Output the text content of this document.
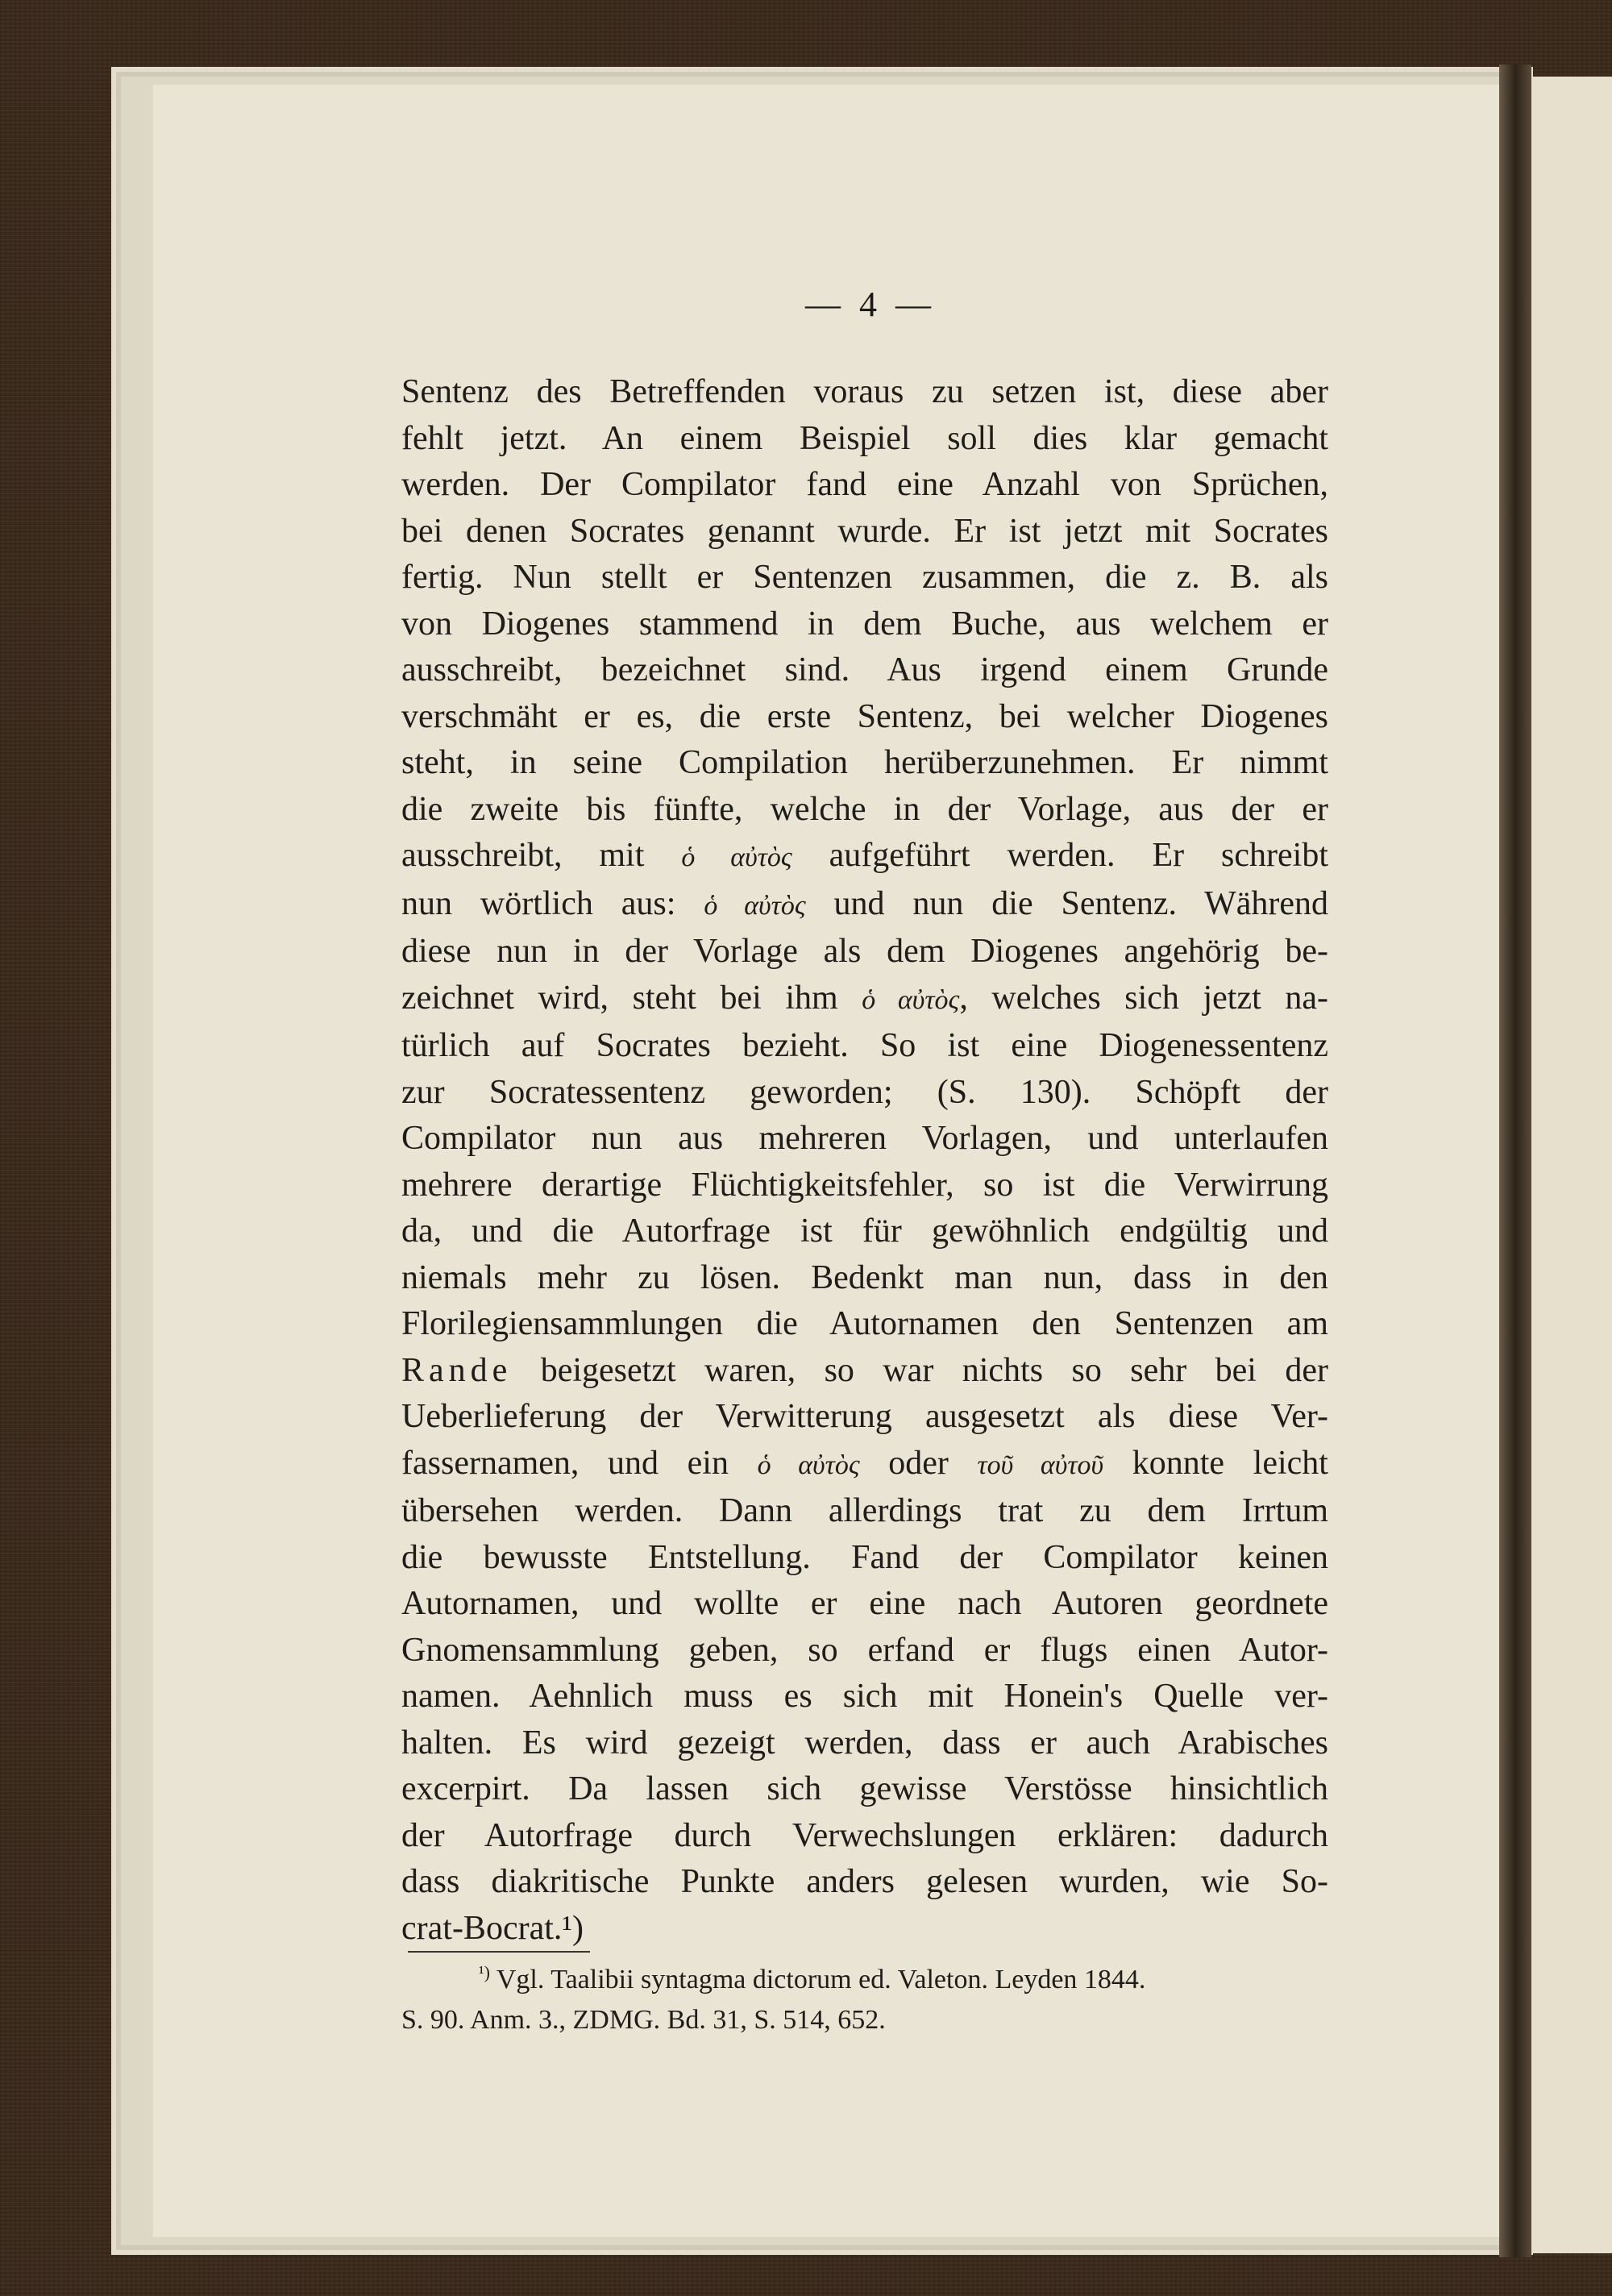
— 4 —
Sentenz des Betreffenden voraus zu setzen ist, diese aber
fehlt jetzt. An einem Beispiel soll dies klar gemacht
werden. Der Compilator fand eine Anzahl von Sprüchen,
bei denen Socrates genannt wurde. Er ist jetzt mit Socrates
fertig. Nun stellt er Sentenzen zusammen, die z. B. als
von Diogenes stammend in dem Buche, aus welchem er
ausschreibt, bezeichnet sind. Aus irgend einem Grunde
verschmäht er es, die erste Sentenz, bei welcher Diogenes
steht, in seine Compilation herüberzunehmen. Er nimmt
die zweite bis fünfte, welche in der Vorlage, aus der er
ausschreibt, mit ὁ αὐτὸς aufgeführt werden. Er schreibt
nun wörtlich aus: ὁ αὐτὸς und nun die Sentenz. Während
diese nun in der Vorlage als dem Diogenes angehörig be-
zeichnet wird, steht bei ihm ὁ αὐτὸς, welches sich jetzt na-
türlich auf Socrates bezieht. So ist eine Diogenessentenz
zur Socratessentenz geworden; (S. 130). Schöpft der
Compilator nun aus mehreren Vorlagen, und unterlaufen
mehrere derartige Flüchtigkeitsfehler, so ist die Verwirrung
da, und die Autorfrage ist für gewöhnlich endgültig und
niemals mehr zu lösen. Bedenkt man nun, dass in den
Florilegiensammlungen die Autornamen den Sentenzen am
Rande beigesetzt waren, so war nichts so sehr bei der
Ueberlieferung der Verwitterung ausgesetzt als diese Ver-
fassernamen, und ein ὁ αὐτὸς oder τοῦ αὐτοῦ konnte leicht
übersehen werden. Dann allerdings trat zu dem Irrtum
die bewusste Entstellung. Fand der Compilator keinen
Autornamen, und wollte er eine nach Autoren geordnete
Gnomensammlung geben, so erfand er flugs einen Autor-
namen. Aehnlich muss es sich mit Honein's Quelle ver-
halten. Es wird gezeigt werden, dass er auch Arabisches
excerpirt. Da lassen sich gewisse Verstösse hinsichtlich
der Autorfrage durch Verwechslungen erklären: dadurch
dass diakritische Punkte anders gelesen wurden, wie So-
crat-Bocrat.¹)
$^{^1)}$ Vgl. Taalibii syntagma dictorum ed. Valeton. Leyden 1844.
S. 90. Anm. 3., ZDMG. Bd. 31, S. 514, 652.
